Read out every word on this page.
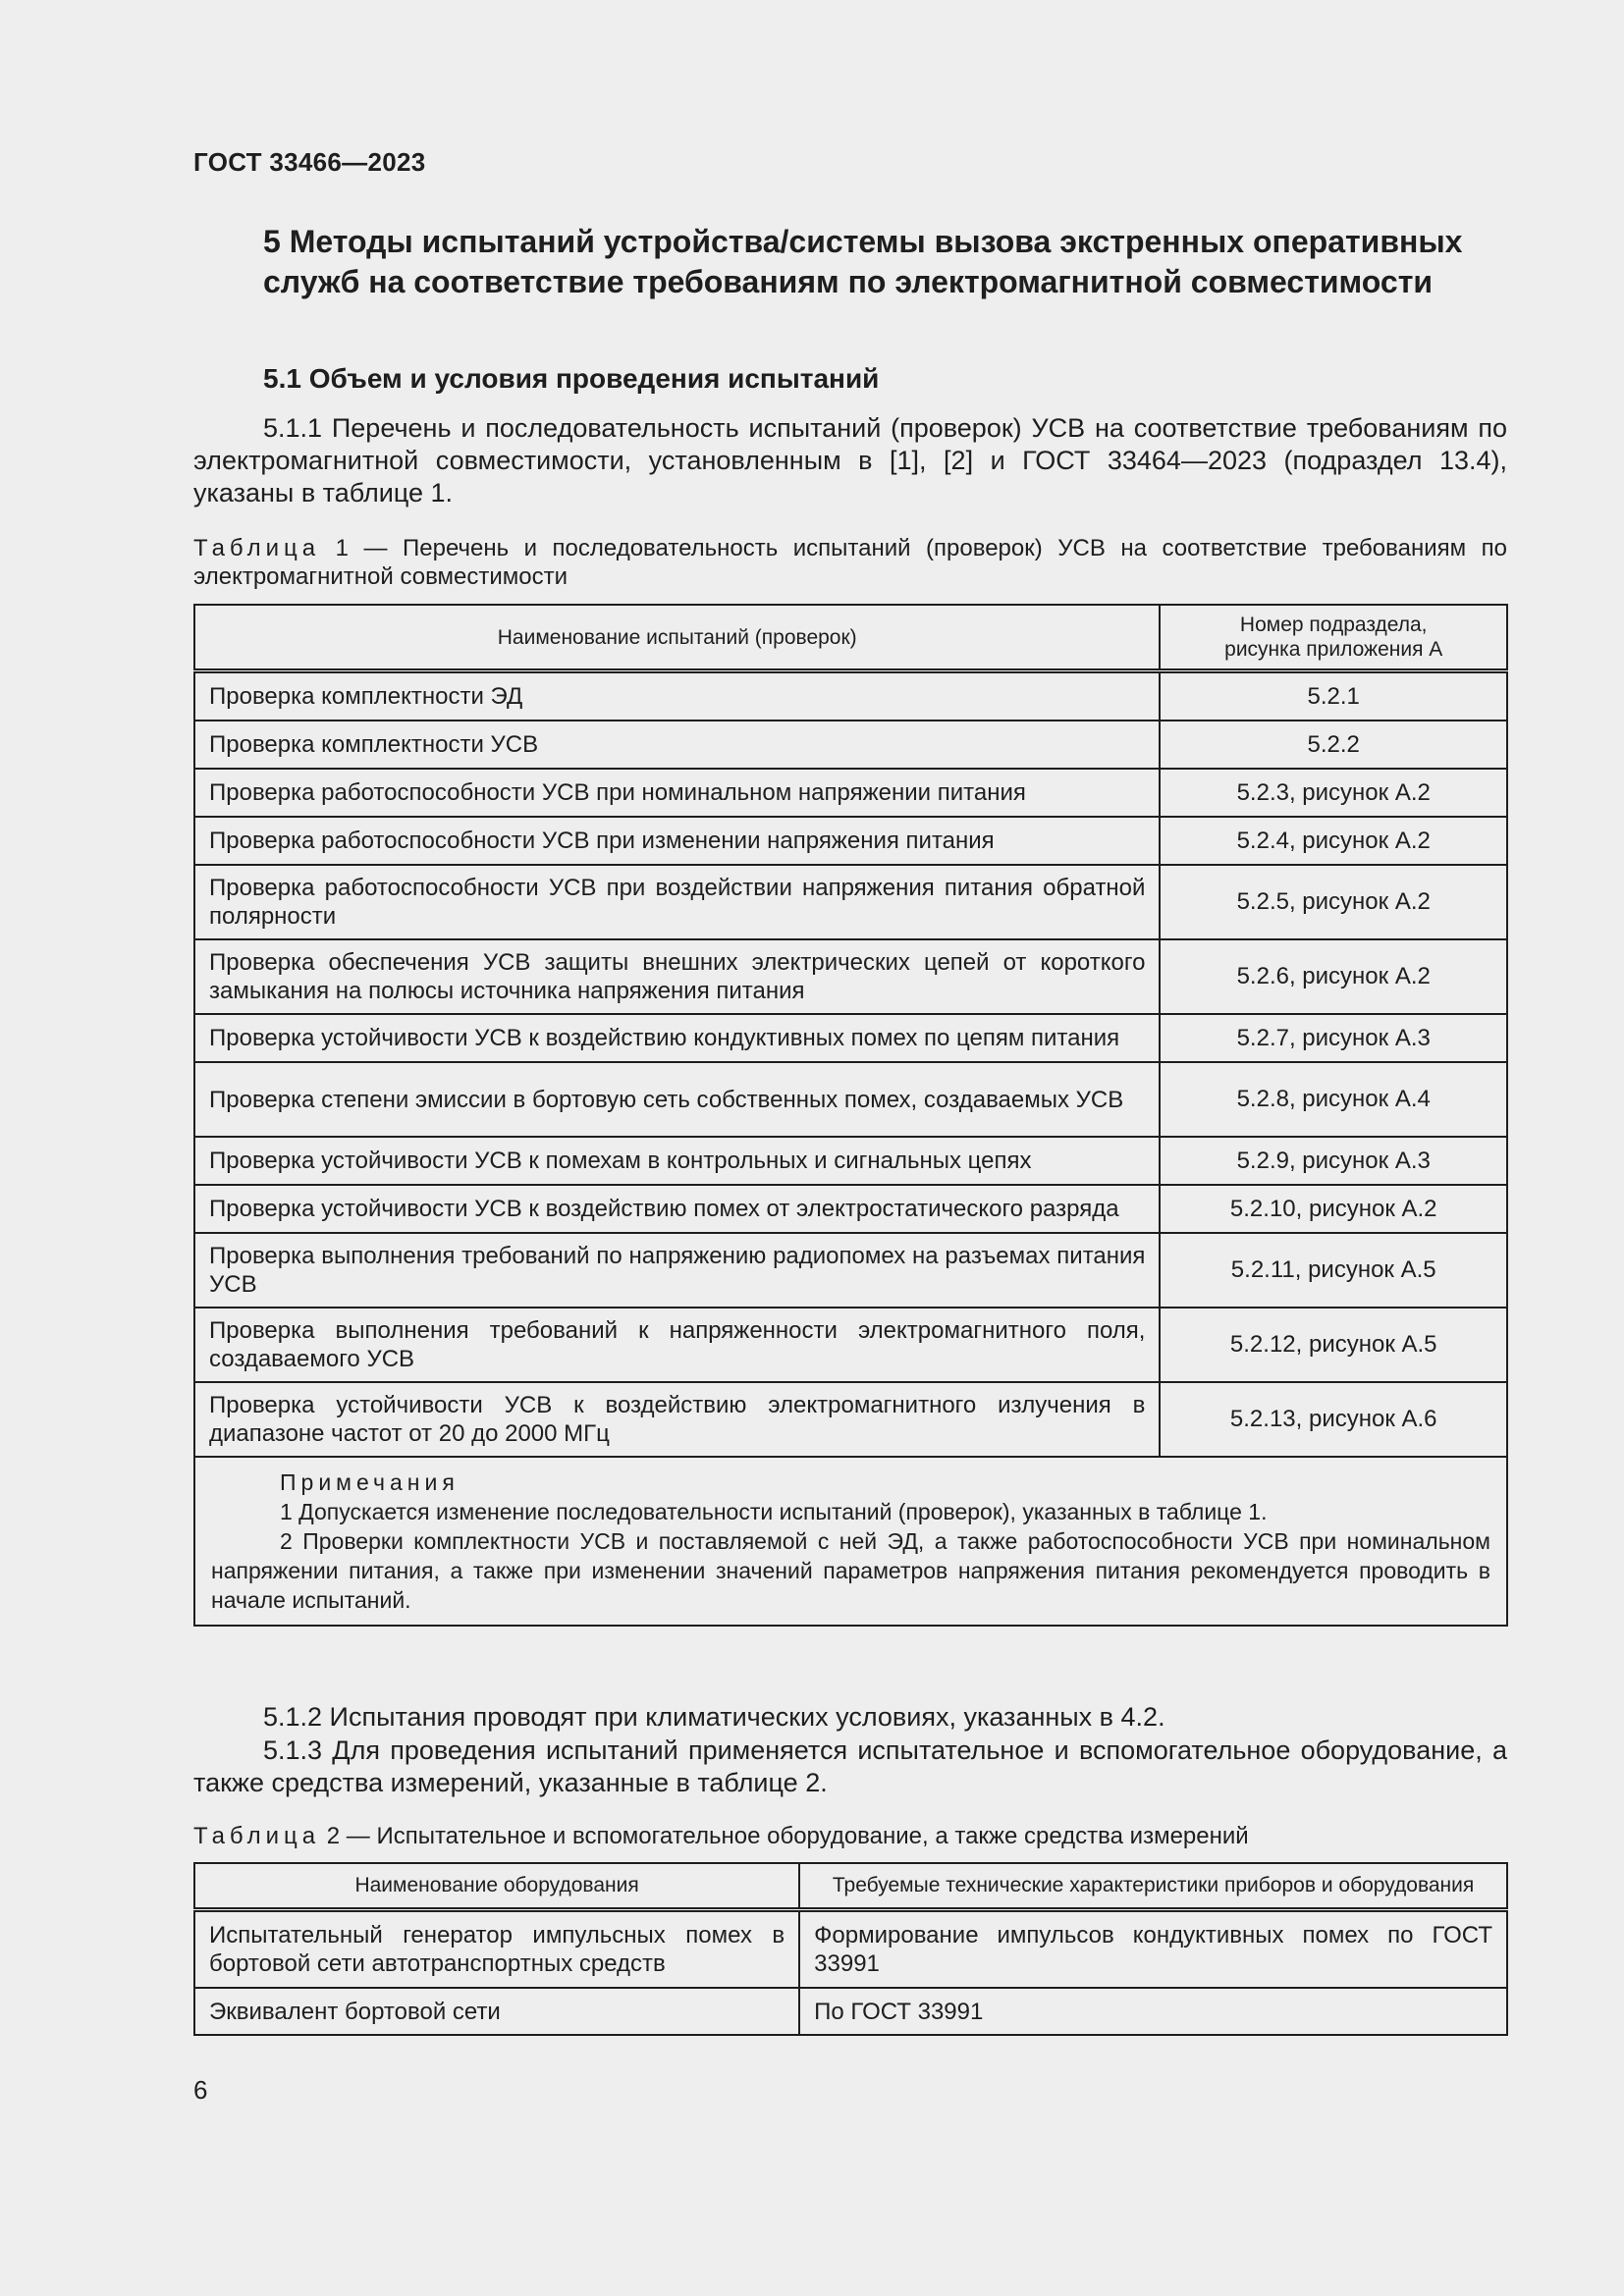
ГОСТ 33466—2023
5 Методы испытаний устройства/системы вызова экстренных оперативных служб на соответствие требованиям по электромагнитной совместимости
5.1 Объем и условия проведения испытаний
5.1.1 Перечень и последовательность испытаний (проверок) УСВ на соответствие требованиям по электромагнитной совместимости, установленным в [1], [2] и ГОСТ 33464—2023 (подраздел 13.4), указаны в таблице 1.
Таблица 1 — Перечень и последовательность испытаний (проверок) УСВ на соответствие требованиям по электромагнитной совместимости
Наименование испытаний (проверок)	Номер подраздела,
рисунка приложения А
Проверка комплектности ЭД	5.2.1
Проверка комплектности УСВ	5.2.2
Проверка работоспособности УСВ при номинальном напряжении питания	5.2.3, рисунок А.2
Проверка работоспособности УСВ при изменении напряжения питания	5.2.4, рисунок А.2
Проверка работоспособности УСВ при воздействии напряжения питания обратной полярности	5.2.5, рисунок А.2
Проверка обеспечения УСВ защиты внешних электрических цепей от короткого замыкания на полюсы источника напряжения питания	5.2.6, рисунок А.2
Проверка устойчивости УСВ к воздействию кондуктивных помех по цепям питания	5.2.7, рисунок А.3
Проверка степени эмиссии в бортовую сеть собственных помех, создаваемых УСВ	5.2.8, рисунок А.4
Проверка устойчивости УСВ к помехам в контрольных и сигнальных цепях	5.2.9, рисунок А.3
Проверка устойчивости УСВ к воздействию помех от электростатического разряда	5.2.10, рисунок А.2
Проверка выполнения требований по напряжению радиопомех на разъемах питания УСВ	5.2.11, рисунок А.5
Проверка выполнения требований к напряженности электромагнитного поля, создаваемого УСВ	5.2.12, рисунок А.5
Проверка устойчивости УСВ к воздействию электромагнитного излучения в диапазоне частот от 20 до 2000 МГц	5.2.13, рисунок А.6

Примечания
1 Допускается изменение последовательности испытаний (проверок), указанных в таблице 1.
2 Проверки комплектности УСВ и поставляемой с ней ЭД, а также работоспособности УСВ при номинальном напряжении питания, а также при изменении значений параметров напряжения питания рекомендуется проводить в начале испытаний.	
5.1.2 Испытания проводят при климатических условиях, указанных в 4.2.
5.1.3 Для проведения испытаний применяется испытательное и вспомогательное оборудование, а также средства измерений, указанные в таблице 2.
Таблица 2 — Испытательное и вспомогательное оборудование, а также средства измерений
Наименование оборудования	Требуемые технические характеристики приборов и оборудования
Испытательный генератор импульсных помех в бортовой сети автотранспортных средств	Формирование импульсов кондуктивных помех по ГОСТ 33991
Эквивалент бортовой сети	По ГОСТ 33991
6
